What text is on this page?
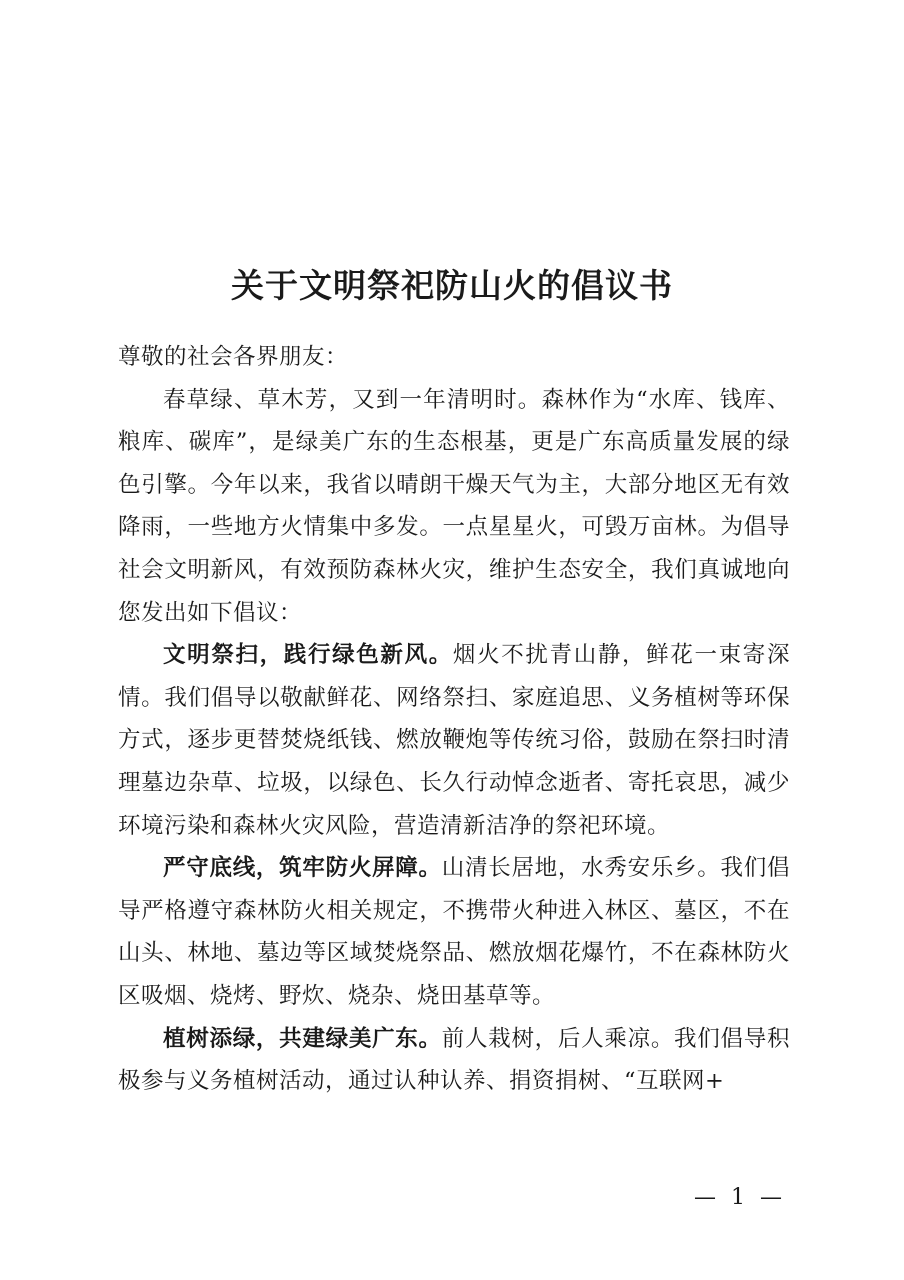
关于文明祭祀防山火的倡议书

尊敬的社会各界朋友：

春草绿、草木芳，又到一年清明时。森林作为“水库、钱库、粮库、碳库”，是绿美广东的生态根基，更是广东高质量发展的绿色引擎。今年以来，我省以晴朗干燥天气为主，大部分地区无有效降雨，一些地方火情集中多发。一点星星火，可毁万亩林。为倡导社会文明新风，有效预防森林火灾，维护生态安全，我们真诚地向您发出如下倡议：

文明祭扫，践行绿色新风。烟火不扰青山静，鲜花一束寄深情。我们倡导以敬献鲜花、网络祭扫、家庭追思、义务植树等环保方式，逐步更替焚烧纸钱、燃放鞭炮等传统习俗，鼓励在祭扫时清理墓边杂草、垃圾，以绿色、长久行动悼念逝者、寄托哀思，减少环境污染和森林火灾风险，营造清新洁净的祭祀环境。

严守底线，筑牢防火屏障。山清长居地，水秀安乐乡。我们倡导严格遵守森林防火相关规定，不携带火种进入林区、墓区，不在山头、林地、墓边等区域焚烧祭品、燃放烟花爆竹，不在森林防火区吸烟、烧烤、野炊、烧杂、烧田基草等。

植树添绿，共建绿美广东。前人栽树，后人乘凉。我们倡导积极参与义务植树活动，通过认种认养、捐资捐树、“互联网+

— 1 —
